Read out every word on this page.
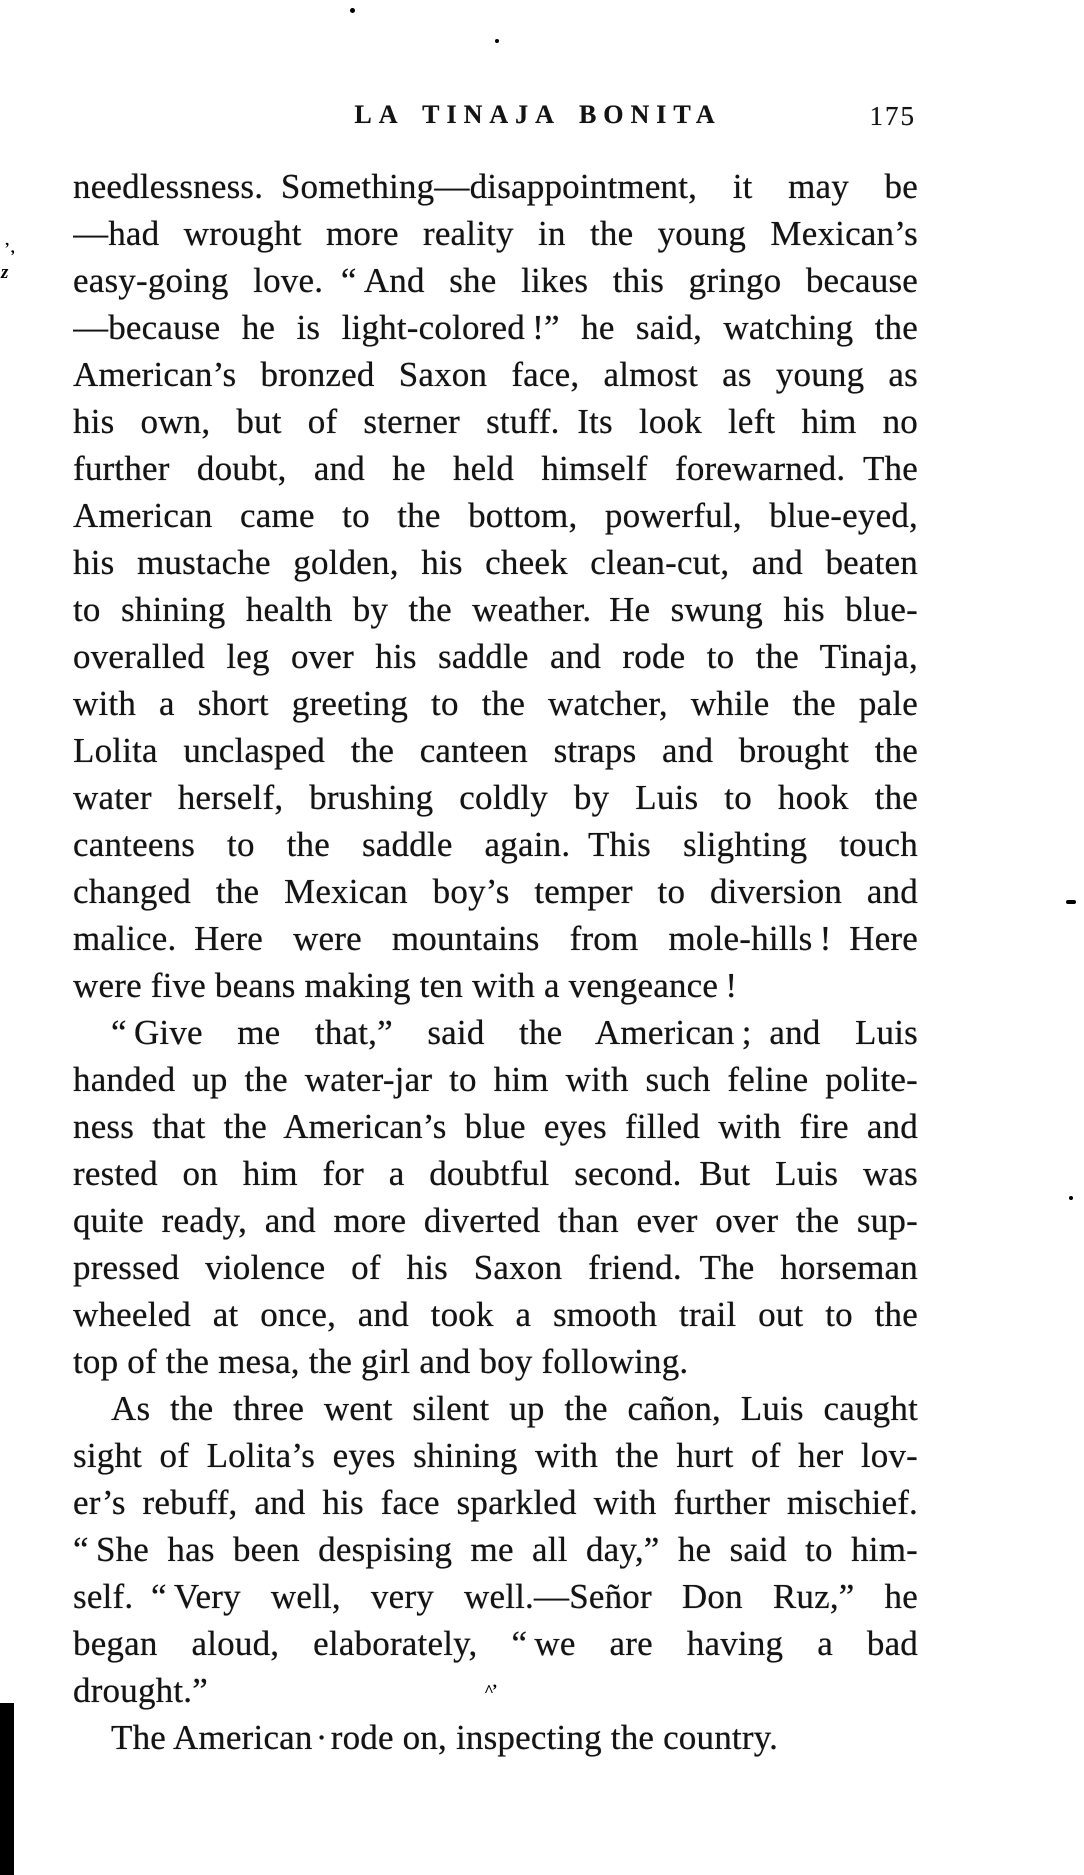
LA TINAJA BONITA	175
needlessness. Something—disappointment, it may be
—had wrought more reality in the young Mexican’s
easy-going love. “ And she likes this gringo because
—because he is light-colored !” he said, watching the
American’s bronzed Saxon face, almost as young as
his own, but of sterner stuff. Its look left him no
further doubt, and he held himself forewarned. The
American came to the bottom, powerful, blue-eyed,
his mustache golden, his cheek clean-cut, and beaten
to shining health by the weather. He swung his blue-
overalled leg over his saddle and rode to the Tinaja,
with a short greeting to the watcher, while the pale
Lolita unclasped the canteen straps and brought the
water herself, brushing coldly by Luis to hook the
canteens to the saddle again. This slighting touch
changed the Mexican boy’s temper to diversion and
malice. Here were mountains from mole-hills ! Here
were five beans making ten with a vengeance !
“ Give me that,” said the American ; and Luis
handed up the water-jar to him with such feline polite-
ness that the American’s blue eyes filled with fire and
rested on him for a doubtful second. But Luis was
quite ready, and more diverted than ever over the sup-
pressed violence of his Saxon friend. The horseman
wheeled at once, and took a smooth trail out to the
top of the mesa, the girl and boy following.
As the three went silent up the cañon, Luis caught
sight of Lolita’s eyes shining with the hurt of her lov-
er’s rebuff, and his face sparkled with further mischief.
“ She has been despising me all day,” he said to him-
self. “ Very well, very well.—Señor Don Ruz,” he
began aloud, elaborately, “ we are having a bad
drought.”
The American · rode on, inspecting the country.
ʼ,
z
^ʼ
